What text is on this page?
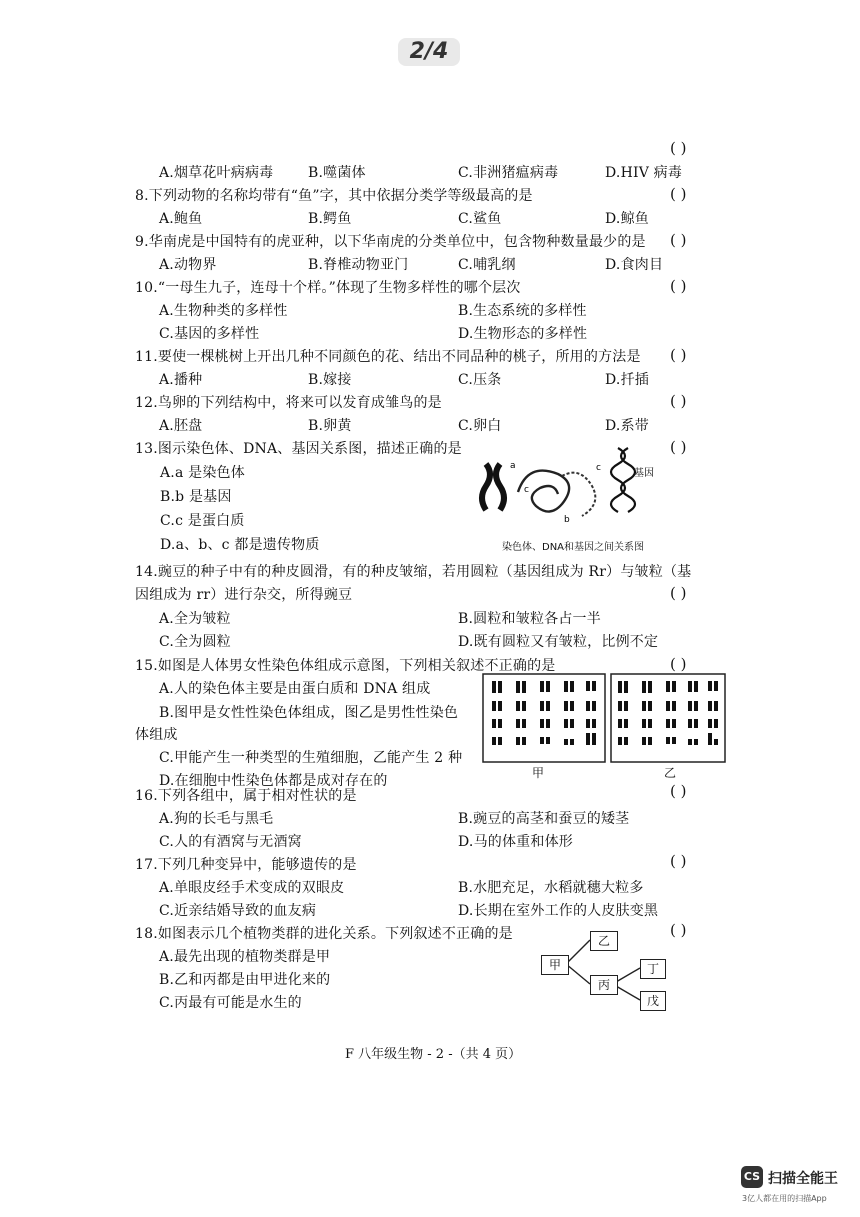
2/4
( )
A.烟草花叶病病毒 B.噬菌体	C.非洲猪瘟病毒	D.HIV 病毒
8.下列动物的名称均带有“鱼”字，其中依据分类学等级最高的是	( )
A.鲍鱼	B.鳄鱼	C.鲨鱼	D.鲸鱼
9.华南虎是中国特有的虎亚种，以下华南虎的分类单位中，包含物种数量最少的是 ( )
A.动物界	B.脊椎动物亚门	C.哺乳纲	D.食肉目
10.“一母生九子，连母十个样。”体现了生物多样性的哪个层次	( )
A.生物种类的多样性	B.生态系统的多样性
C.基因的多样性	D.生物形态的多样性
11.要使一棵桃树上开出几种不同颜色的花、结出不同品种的桃子，所用的方法是 ( )
A.播种	B.嫁接	C.压条	D.扦插
12.鸟卵的下列结构中，将来可以发育成雏鸟的是	( )
A.胚盘	B.卵黄	C.卵白	D.系带
13.图示染色体、DNA、基因关系图，描述正确的是	( )
A.a 是染色体
B.b 是基因
C.c 是蛋白质
D.a、b、c 都是遗传物质
a
c
b
c	基因
染色体、DNA和基因之间关系图
14.豌豆的种子中有的种皮圆滑，有的种皮皱缩，若用圆粒（基因组成为 Rr）与皱粒（基
( )
因组成为 rr）进行杂交，所得豌豆
A.全为皱粒	B.圆粒和皱粒各占一半
C.全为圆粒	D.既有圆粒又有皱粒，比例不定
15.如图是人体男女性染色体组成示意图，下列相关叙述不正确的是	( )
A.人的染色体主要是由蛋白质和 DNA 组成
B.图甲是女性性染色体组成，图乙是男性性染色
体组成
C.甲能产生一种类型的生殖细胞，乙能产生 2 种
D.在细胞中性染色体都是成对存在的	甲	乙
16.下列各组中，属于相对性状的是	( )
A.狗的长毛与黑毛	B.豌豆的高茎和蚕豆的矮茎
C.人的有酒窝与无酒窝	D.马的体重和体形
17.下列几种变异中，能够遗传的是	( )
A.单眼皮经手术变成的双眼皮	B.水肥充足，水稻就穗大粒多
C.近亲结婚导致的血友病	D.长期在室外工作的人皮肤变黑
18.如图表示几个植物类群的进化关系。下列叙述不正确的是	( )
A.最先出现的植物类群是甲
B.乙和丙都是由甲进化来的
C.丙最有可能是水生的
甲
乙
丙
丁
戊
F 八年级生物 - 2 -（共 4 页）
CS 扫描全能王
3亿人都在用的扫描App
